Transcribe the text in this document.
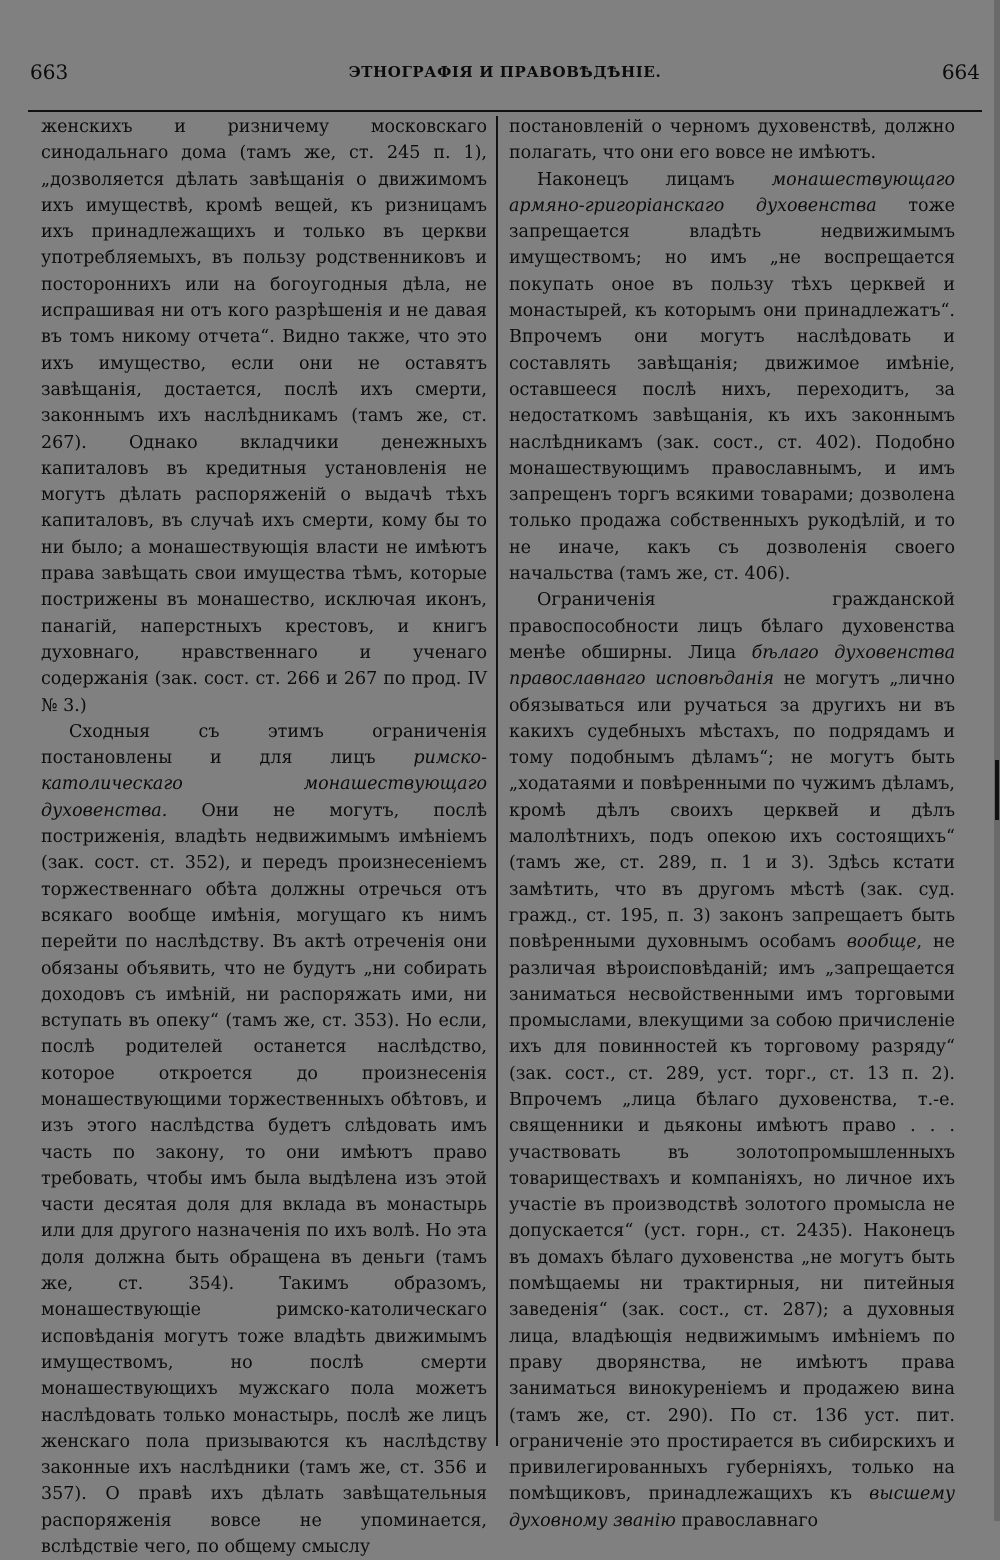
663	ЭТНОГРАФІЯ И ПРАВОВѢДѢНІЕ.	664

женскихъ и ризничему московскаго синодальнаго дома (тамъ же, ст. 245 п. 1), „дозволяется дѣлать завѣщанія о движимомъ ихъ имуществѣ, кромѣ вещей, къ ризницамъ ихъ принадлежащихъ и только въ церкви употребляемыхъ, въ пользу родственниковъ и постороннихъ или на богоугодныя дѣла, не испрашивая ни отъ кого разрѣшенія и не давая въ томъ никому отчета“. Видно также, что это ихъ имущество, если они не оставятъ завѣщанія, достается, послѣ ихъ смерти, законнымъ ихъ наслѣдникамъ (тамъ же, ст. 267). Однако вкладчики денежныхъ капиталовъ въ кредитныя установленія не могутъ дѣлать распоряженій о выдачѣ тѣхъ капиталовъ, въ случаѣ ихъ смерти, кому бы то ни было; а монашествующія власти не имѣютъ права завѣщать свои имущества тѣмъ, которые пострижены въ монашество, исключая иконъ, панагій, наперстныхъ крестовъ, и книгъ духовнаго, нравственнаго и ученаго содержанія (зак. сост. ст. 266 и 267 по прод. IV № 3.)

Сходныя съ этимъ ограниченія постановлены и для лицъ римско-католическаго монашествующаго духовенства. Они не могутъ, послѣ постриженія, владѣть недвижимымъ имѣніемъ (зак. сост. ст. 352), и передъ произнесеніемъ торжественнаго обѣта должны отречься отъ всякаго вообще имѣнія, могущаго къ нимъ перейти по наслѣдству. Въ актѣ отреченія они обязаны объявить, что не будутъ „ни собирать доходовъ съ имѣній, ни распоряжать ими, ни вступать въ опеку“ (тамъ же, ст. 353). Но если, послѣ родителей останется наслѣдство, которое откроется до произнесенія монашествующими торжественныхъ обѣтовъ, и изъ этого наслѣдства будетъ слѣдовать имъ часть по закону, то они имѣютъ право требовать, чтобы имъ была выдѣлена изъ этой части десятая доля для вклада въ монастырь или для другого назначенія по ихъ волѣ. Но эта доля должна быть обращена въ деньги (тамъ же, ст. 354). Такимъ образомъ, монашествующіе римско-католическаго исповѣданія могутъ тоже владѣть движимымъ имуществомъ, но послѣ смерти монашествующихъ мужскаго пола можетъ наслѣдовать только монастырь, послѣ же лицъ женскаго пола призываются къ наслѣдству законные ихъ наслѣдники (тамъ же, ст. 356 и 357). О правѣ ихъ дѣлать завѣщательныя распоряженія вовсе не упоминается, вслѣдствіе чего, по общему смыслу

постановленій о черномъ духовенствѣ, должно полагать, что они его вовсе не имѣютъ.

Наконецъ лицамъ монашествующаго армяно-григоріанскаго духовенства тоже запрещается владѣть недвижимымъ имуществомъ; но имъ „не воспрещается покупать оное въ пользу тѣхъ церквей и монастырей, къ которымъ они принадлежатъ“. Впрочемъ они могутъ наслѣдовать и составлять завѣщанія; движимое имѣніе, оставшееся послѣ нихъ, переходитъ, за недостаткомъ завѣщанія, къ ихъ законнымъ наслѣдникамъ (зак. сост., ст. 402). Подобно монашествующимъ православнымъ, и имъ запрещенъ торгъ всякими товарами; дозволена только продажа собственныхъ рукодѣлій, и то не иначе, какъ съ дозволенія своего начальства (тамъ же, ст. 406).

Ограниченія гражданской правоспособности лицъ бѣлаго духовенства менѣе обширны. Лица бѣлаго духовенства православнаго исповѣданія не могутъ „лично обязываться или ручаться за другихъ ни въ какихъ судебныхъ мѣстахъ, по подрядамъ и тому подобнымъ дѣламъ“; не могутъ быть „ходатаями и повѣренными по чужимъ дѣламъ, кромѣ дѣлъ своихъ церквей и дѣлъ малолѣтнихъ, подъ опекою ихъ состоящихъ“ (тамъ же, ст. 289, п. 1 и 3). Здѣсь кстати замѣтить, что въ другомъ мѣстѣ (зак. суд. гражд., ст. 195, п. 3) законъ запрещаетъ быть повѣренными духовнымъ особамъ вообще, не различая вѣроисповѣданій; имъ „запрещается заниматься несвойственными имъ торговыми промыслами, влекущими за собою причисленіе ихъ для повинностей къ торговому разряду“ (зак. сост., ст. 289, уст. торг., ст. 13 п. 2). Впрочемъ „лица бѣлаго духовенства, т.-е. священники и дьяконы имѣютъ право . . . участвовать въ золотопромышленныхъ товариществахъ и компаніяхъ, но личное ихъ участіе въ производствѣ золотого промысла не допускается“ (уст. горн., ст. 2435). Наконецъ въ домахъ бѣлаго духовенства „не могутъ быть помѣщаемы ни трактирныя, ни питейныя заведенія“ (зак. сост., ст. 287); а духовныя лица, владѣющія недвижимымъ имѣніемъ по праву дворянства, не имѣютъ права заниматься винокуреніемъ и продажею вина (тамъ же, ст. 290). По ст. 136 уст. пит. ограниченіе это простирается въ сибирскихъ и привилегированныхъ губерніяхъ, только на помѣщиковъ, принадлежащихъ къ высшему духовному званію православнаго
